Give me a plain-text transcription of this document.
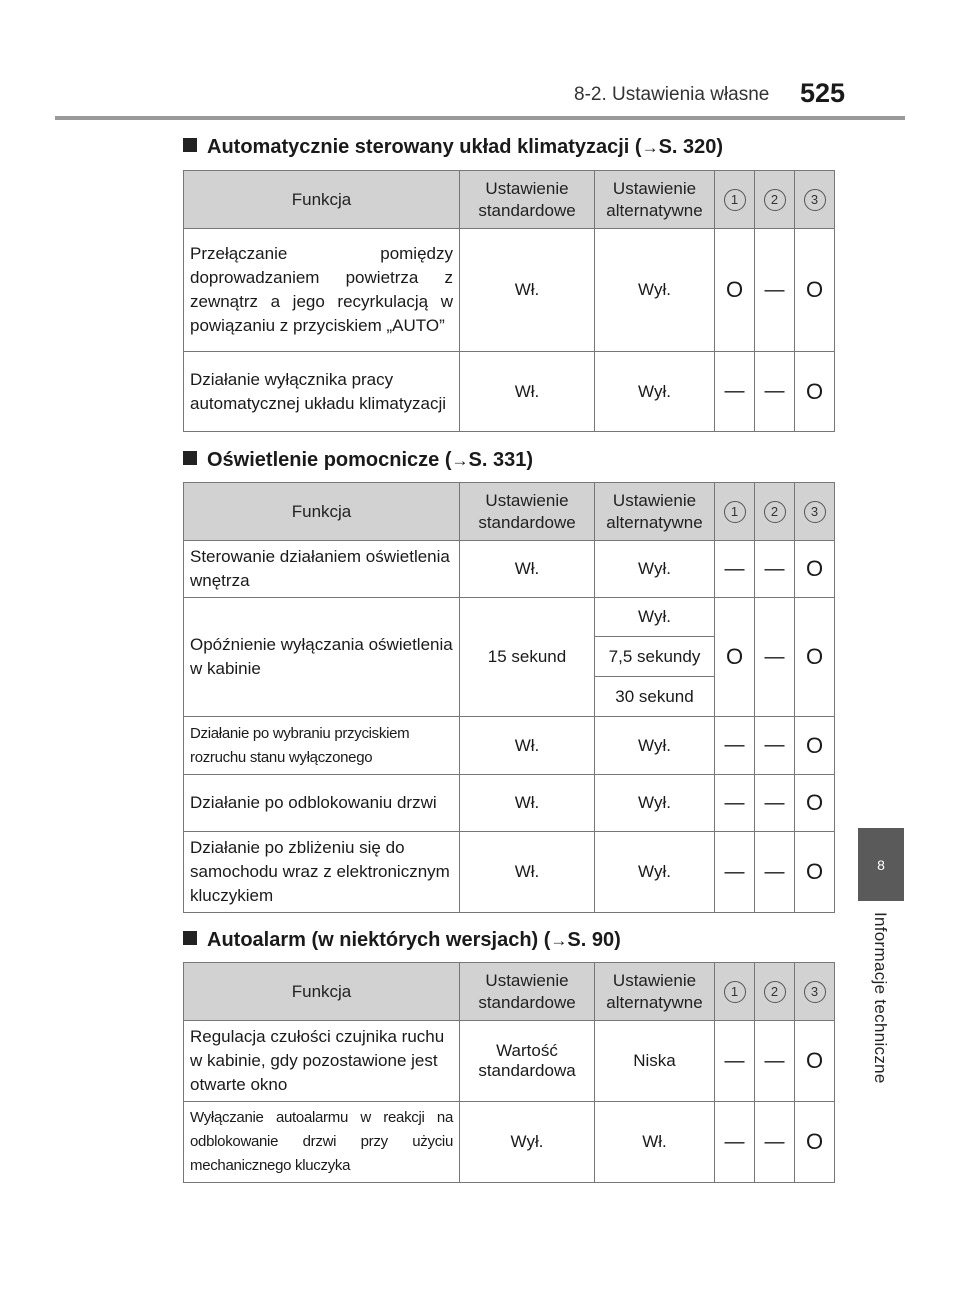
8-2. Ustawienia własne 525
8
Informacje techniczne
Automatycznie sterowany układ klimatyzacji (→S. 320)
Funkcja	Ustawienie standardowe	Ustawienie alternatywne	1	2	3
Przełączanie pomiędzy doprowadzaniem powietrza z zewnątrz a jego recyrkulacją w powiązaniu z przyciskiem „AUTO”	Wł.	Wył.	O	—	O
Działanie wyłącznika pracy automatycznej układu klimatyzacji	Wł.	Wył.	—	—	O
Oświetlenie pomocnicze (→S. 331)
Funkcja	Ustawienie standardowe	Ustawienie alternatywne	1	2	3
Sterowanie działaniem oświetlenia wnętrza	Wł.	Wył.	—	—	O
Opóźnienie wyłączania oświetlenia w kabinie	15 sekund	Wył.	O	—	O
		7,5 sekundy			
		30 sekund			
Działanie po wybraniu przyciskiem rozruchu stanu wyłączonego	Wł.	Wył.	—	—	O
Działanie po odblokowaniu drzwi	Wł.	Wył.	—	—	O
Działanie po zbliżeniu się do samochodu wraz z elektronicznym kluczykiem	Wł.	Wył.	—	—	O
Autoalarm (w niektórych wersjach) (→S. 90)
Funkcja	Ustawienie standardowe	Ustawienie alternatywne	1	2	3
Regulacja czułości czujnika ruchu w kabinie, gdy pozostawione jest otwarte okno	Wartość standardowa	Niska	—	—	O
Wyłączanie autoalarmu w reakcji na odblokowanie drzwi przy użyciu mechanicznego kluczyka	Wył.	Wł.	—	—	O
